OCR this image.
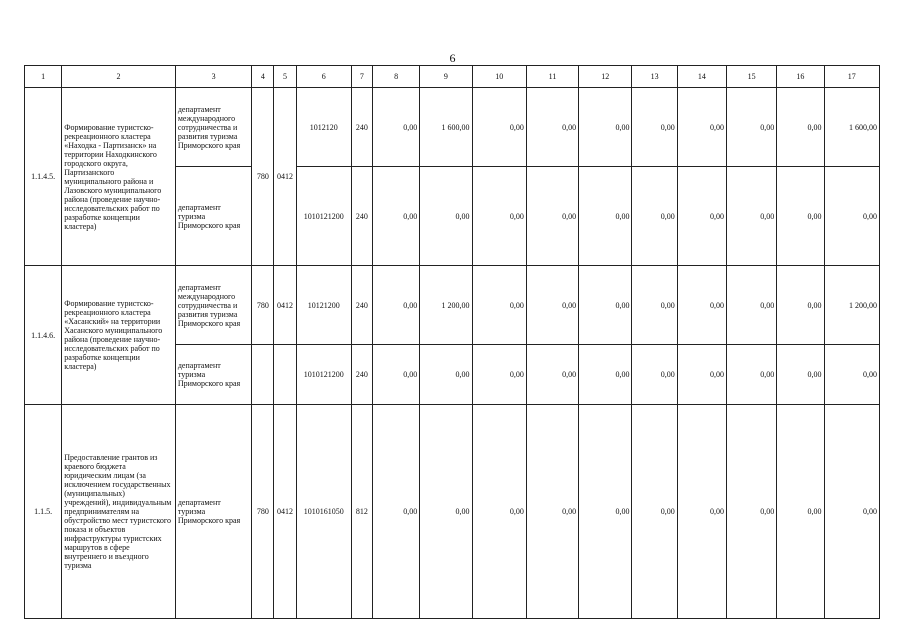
6
1	2	3	4	5	6	7	8	9	10	11	12	13	14	15	16	17
1.1.4.5.	Формирование туристско-рекреационного кластера «Находка - Партизанск» на территории Находкинского городского округа, Партизанского муниципального района и Лазовского муниципального района (проведение научно-исследовательских работ по разработке концепции кластера)	департамент международного сотрудничества и развития туризма Приморского края	780	0412	1012120	240	0,00	1 600,00	0,00	0,00	0,00	0,00	0,00	0,00	0,00	1 600,00
		департамент туризма Приморского края			1010121200	240	0,00	0,00	0,00	0,00	0,00	0,00	0,00	0,00	0,00	0,00
1.1.4.6.	Формирование туристско-рекреационного кластера «Хасанский» на территории Хасанского муниципального района (проведение научно-исследовательских работ по разработке концепции кластера)	департамент международного сотрудничества и развития туризма Приморского края	780	0412	10121200	240	0,00	1 200,00	0,00	0,00	0,00	0,00	0,00	0,00	0,00	1 200,00
		департамент туризма Приморского края			1010121200	240	0,00	0,00	0,00	0,00	0,00	0,00	0,00	0,00	0,00	0,00
1.1.5.	Предоставление грантов из краевого бюджета юридическим лицам (за исключением государственных (муниципальных) учреждений), индивидуальным предпринимателям на обустройство мест туристского показа и объектов инфраструктуры туристских маршрутов в сфере внутреннего и въездного туризма	департамент туризма Приморского края	780	0412	1010161050	812	0,00	0,00	0,00	0,00	0,00	0,00	0,00	0,00	0,00	0,00
